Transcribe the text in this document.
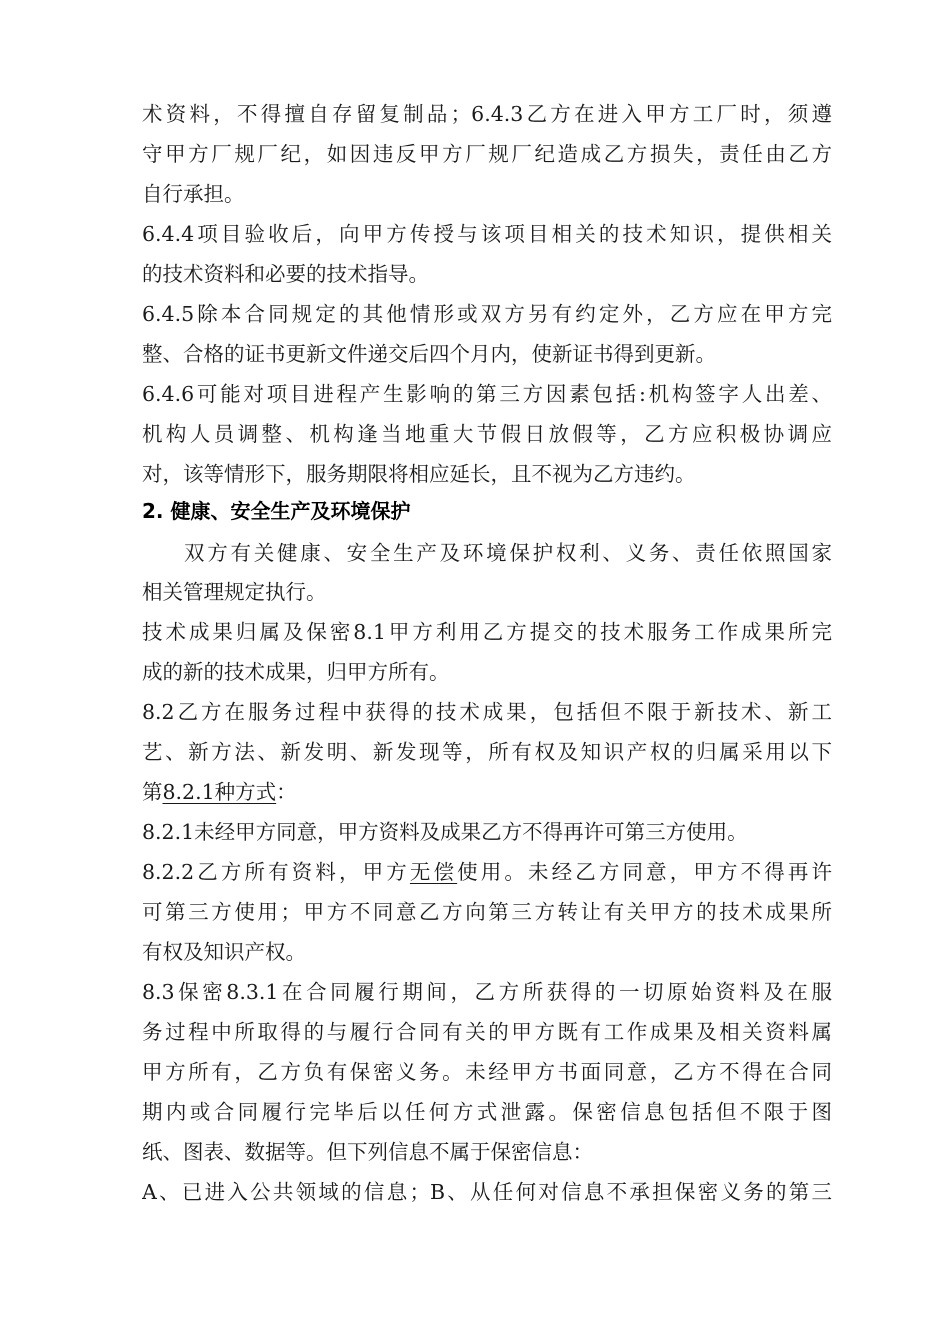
术资料，不得擅自存留复制品；6.4.3乙方在进入甲方工厂时，须遵
守甲方厂规厂纪，如因违反甲方厂规厂纪造成乙方损失，责任由乙方
自行承担。
6.4.4项目验收后，向甲方传授与该项目相关的技术知识，提供相关
的技术资料和必要的技术指导。
6.4.5除本合同规定的其他情形或双方另有约定外，乙方应在甲方完
整、合格的证书更新文件递交后四个月内，使新证书得到更新。
6.4.6可能对项目进程产生影响的第三方因素包括:机构签字人出差、
机构人员调整、机构逢当地重大节假日放假等，乙方应积极协调应
对，该等情形下，服务期限将相应延长，且不视为乙方违约。
2. 健康、安全生产及环境保护
双方有关健康、安全生产及环境保护权利、义务、责任依照国家
相关管理规定执行。
技术成果归属及保密8.1甲方利用乙方提交的技术服务工作成果所完
成的新的技术成果，归甲方所有。
8.2乙方在服务过程中获得的技术成果，包括但不限于新技术、新工
艺、新方法、新发明、新发现等，所有权及知识产权的归属采用以下
第8.2.1种方式：
8.2.1未经甲方同意，甲方资料及成果乙方不得再许可第三方使用。
8.2.2乙方所有资料，甲方无偿使用。未经乙方同意，甲方不得再许
可第三方使用；甲方不同意乙方向第三方转让有关甲方的技术成果所
有权及知识产权。
8.3保密8.3.1在合同履行期间，乙方所获得的一切原始资料及在服
务过程中所取得的与履行合同有关的甲方既有工作成果及相关资料属
甲方所有，乙方负有保密义务。未经甲方书面同意，乙方不得在合同
期内或合同履行完毕后以任何方式泄露。保密信息包括但不限于图
纸、图表、数据等。但下列信息不属于保密信息：
A、已进入公共领域的信息；B、从任何对信息不承担保密义务的第三
